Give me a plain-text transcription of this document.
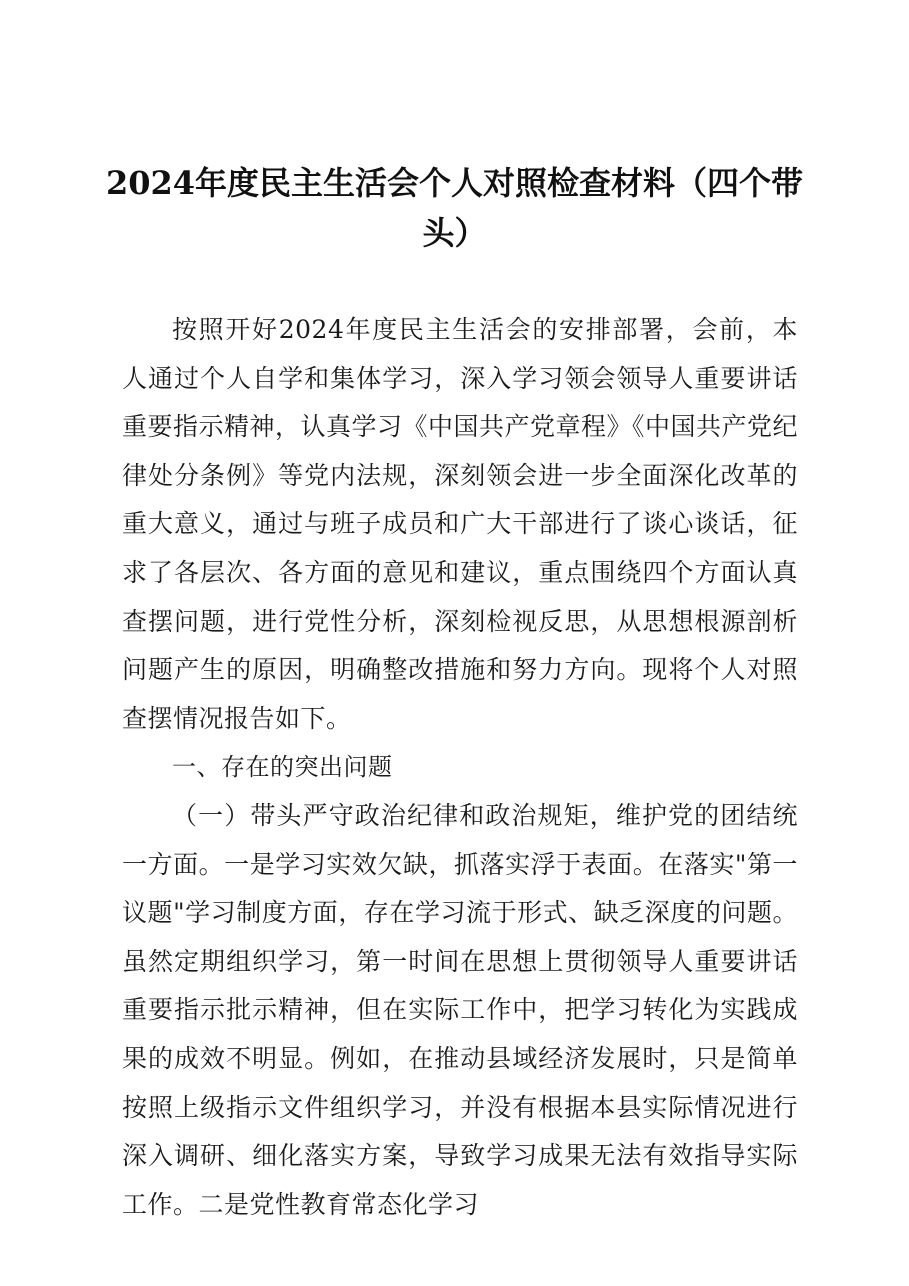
2024年度民主生活会个人对照检查材料（四个带头）

按照开好2024年度民主生活会的安排部署，会前，本人通过个人自学和集体学习，深入学习领会领导人重要讲话重要指示精神，认真学习《中国共产党章程》《中国共产党纪律处分条例》等党内法规，深刻领会进一步全面深化改革的重大意义，通过与班子成员和广大干部进行了谈心谈话，征求了各层次、各方面的意见和建议，重点围绕四个方面认真查摆问题，进行党性分析，深刻检视反思，从思想根源剖析问题产生的原因，明确整改措施和努力方向。现将个人对照查摆情况报告如下。

一、存在的突出问题

（一）带头严守政治纪律和政治规矩，维护党的团结统一方面。一是学习实效欠缺，抓落实浮于表面。在落实"第一议题"学习制度方面，存在学习流于形式、缺乏深度的问题。虽然定期组织学习，第一时间在思想上贯彻领导人重要讲话重要指示批示精神，但在实际工作中，把学习转化为实践成果的成效不明显。例如，在推动县域经济发展时，只是简单按照上级指示文件组织学习，并没有根据本县实际情况进行深入调研、细化落实方案，导致学习成果无法有效指导实际工作。二是党性教育常态化学习
